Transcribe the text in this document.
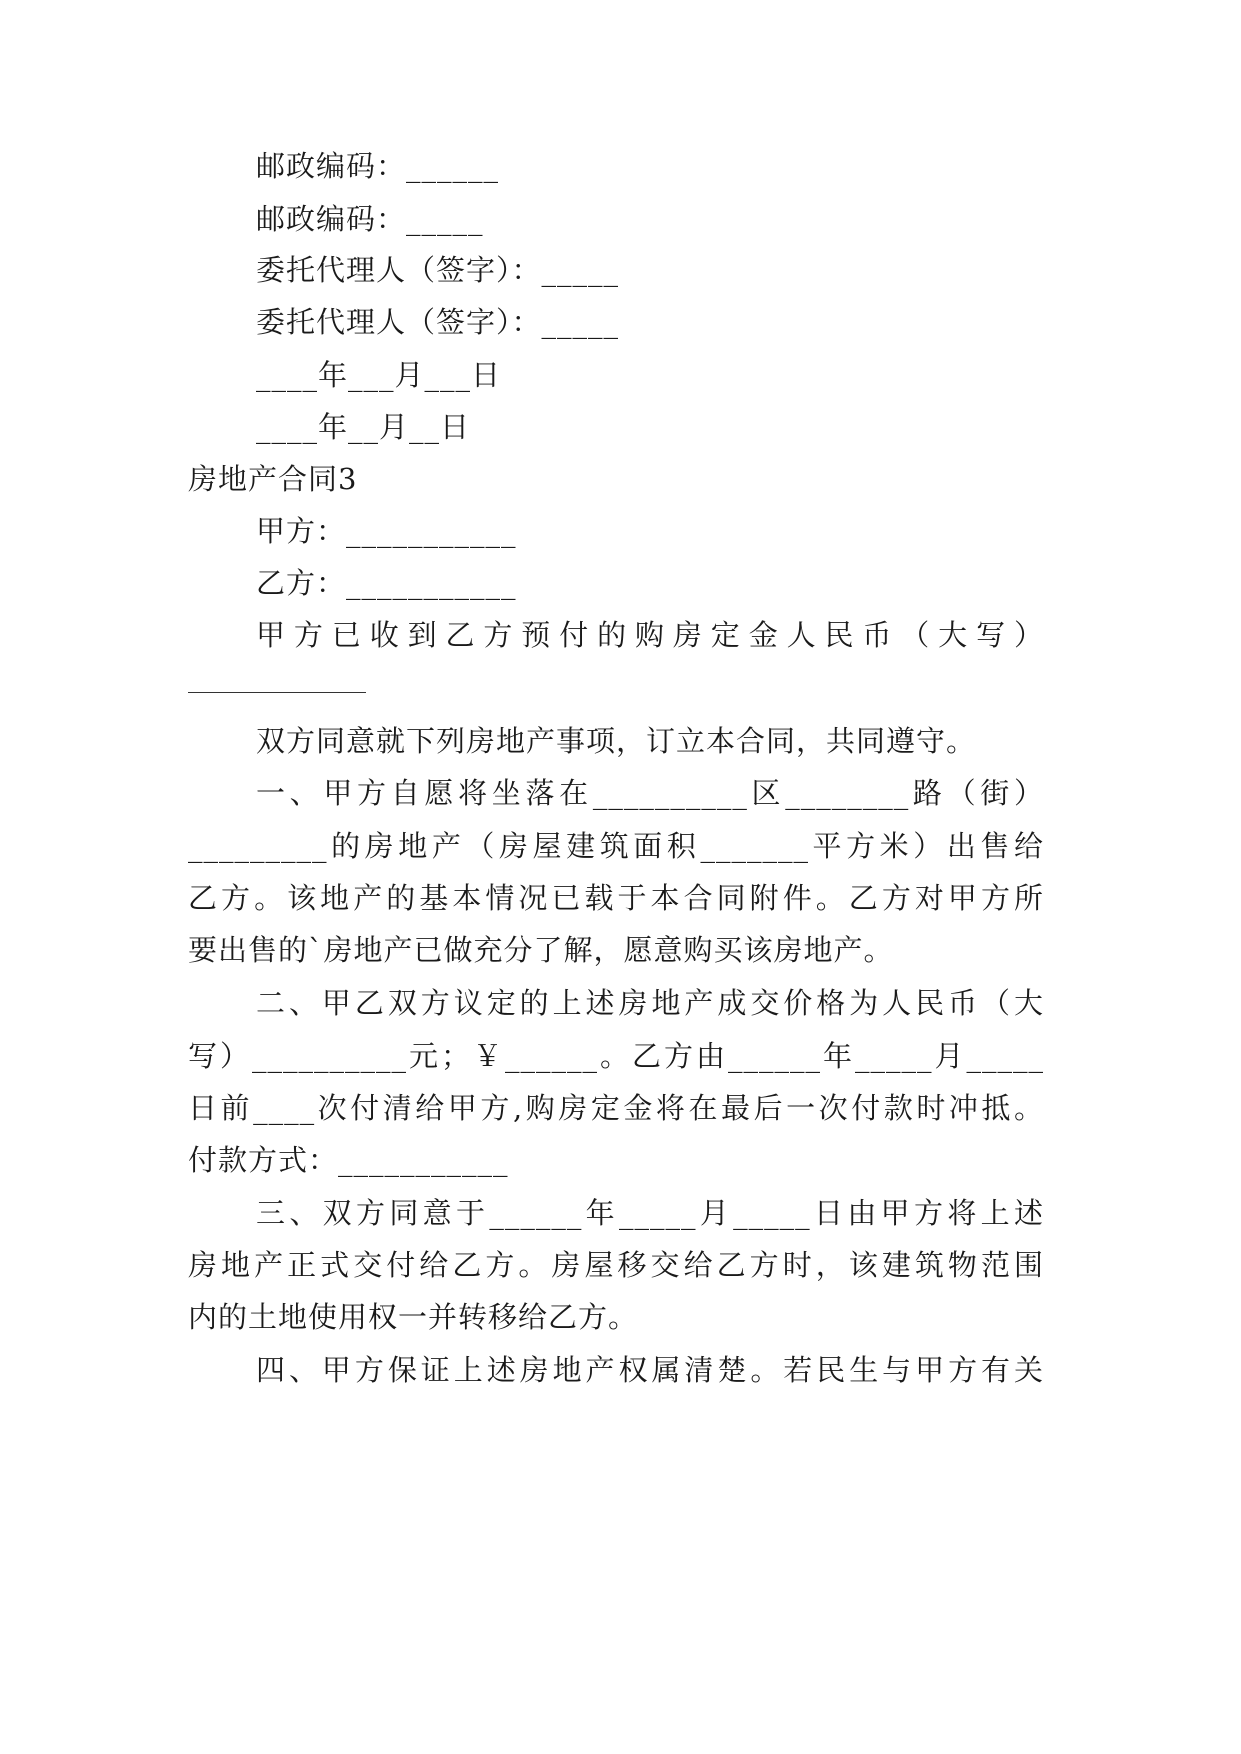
邮政编码：______
邮政编码：_____
委托代理人（签字）：_____
委托代理人（签字）：_____
____年___月___日
____年__月__日
房地产合同3
甲方：___________
乙方：___________
甲方已收到乙方预付的购房定金人民币（大写）
双方同意就下列房地产事项，订立本合同，共同遵守。
一、甲方自愿将坐落在__________区________路（街）
_________的房地产（房屋建筑面积_______平方米）出售给
乙方。该地产的基本情况已载于本合同附件。乙方对甲方所
要出售的`房地产已做充分了解，愿意购买该房地产。
二、甲乙双方议定的上述房地产成交价格为人民币（大
写）__________元；￥______。乙方由______年_____月_____
日前____次付清给甲方,购房定金将在最后一次付款时冲抵。
付款方式：___________
三、双方同意于______年_____月_____日由甲方将上述
房地产正式交付给乙方。房屋移交给乙方时，该建筑物范围
内的土地使用权一并转移给乙方。
四、甲方保证上述房地产权属清楚。若民生与甲方有关
